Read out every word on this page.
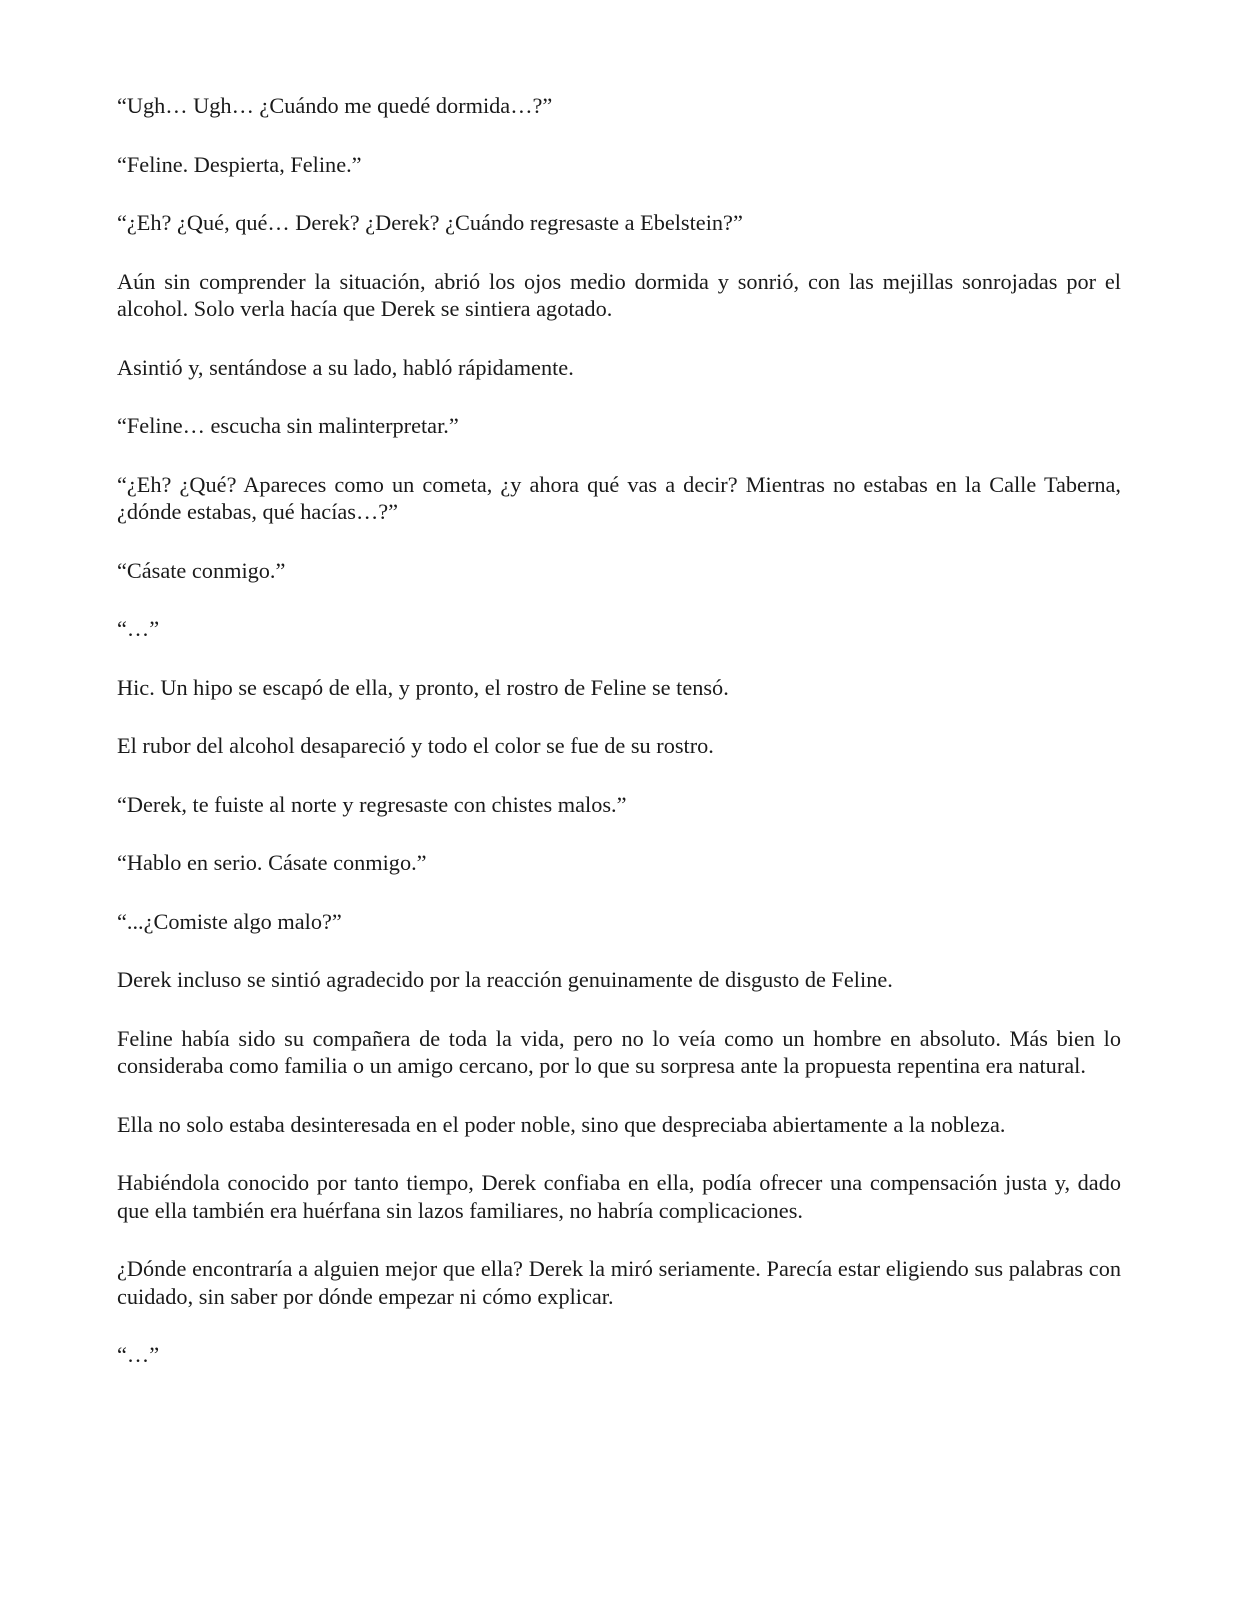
“Ugh… Ugh… ¿Cuándo me quedé dormida…?”

“Feline. Despierta, Feline.”

“¿Eh? ¿Qué, qué… Derek? ¿Derek? ¿Cuándo regresaste a Ebelstein?”

Aún sin comprender la situación, abrió los ojos medio dormida y sonrió, con las mejillas sonrojadas por el alcohol. Solo verla hacía que Derek se sintiera agotado.

Asintió y, sentándose a su lado, habló rápidamente.

“Feline… escucha sin malinterpretar.”

“¿Eh? ¿Qué? Apareces como un cometa, ¿y ahora qué vas a decir? Mientras no estabas en la Calle Taberna, ¿dónde estabas, qué hacías…?”

“Cásate conmigo.”

“…”

Hic. Un hipo se escapó de ella, y pronto, el rostro de Feline se tensó.

El rubor del alcohol desapareció y todo el color se fue de su rostro.

“Derek, te fuiste al norte y regresaste con chistes malos.”

“Hablo en serio. Cásate conmigo.”

“...¿Comiste algo malo?”

Derek incluso se sintió agradecido por la reacción genuinamente de disgusto de Feline.

Feline había sido su compañera de toda la vida, pero no lo veía como un hombre en absoluto. Más bien lo consideraba como familia o un amigo cercano, por lo que su sorpresa ante la propuesta repentina era natural.

Ella no solo estaba desinteresada en el poder noble, sino que despreciaba abiertamente a la nobleza.

Habiéndola conocido por tanto tiempo, Derek confiaba en ella, podía ofrecer una compensación justa y, dado que ella también era huérfana sin lazos familiares, no habría complicaciones.

¿Dónde encontraría a alguien mejor que ella? Derek la miró seriamente. Parecía estar eligiendo sus palabras con cuidado, sin saber por dónde empezar ni cómo explicar.

“…”
